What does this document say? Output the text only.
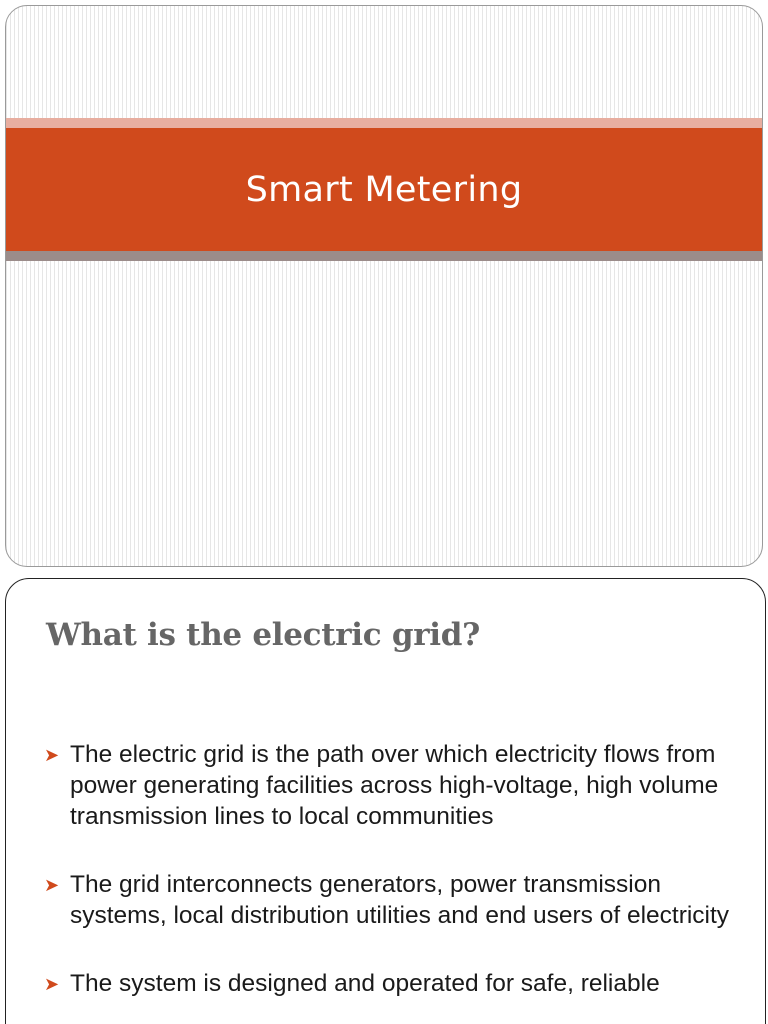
Smart Metering
What is the electric grid?
➤ The electric grid is the path over which electricity flows from power generating facilities across high-voltage, high volume transmission lines to local communities
➤ The grid interconnects generators, power transmission systems, local distribution utilities and end users of electricity
➤ The system is designed and operated for safe, reliable
